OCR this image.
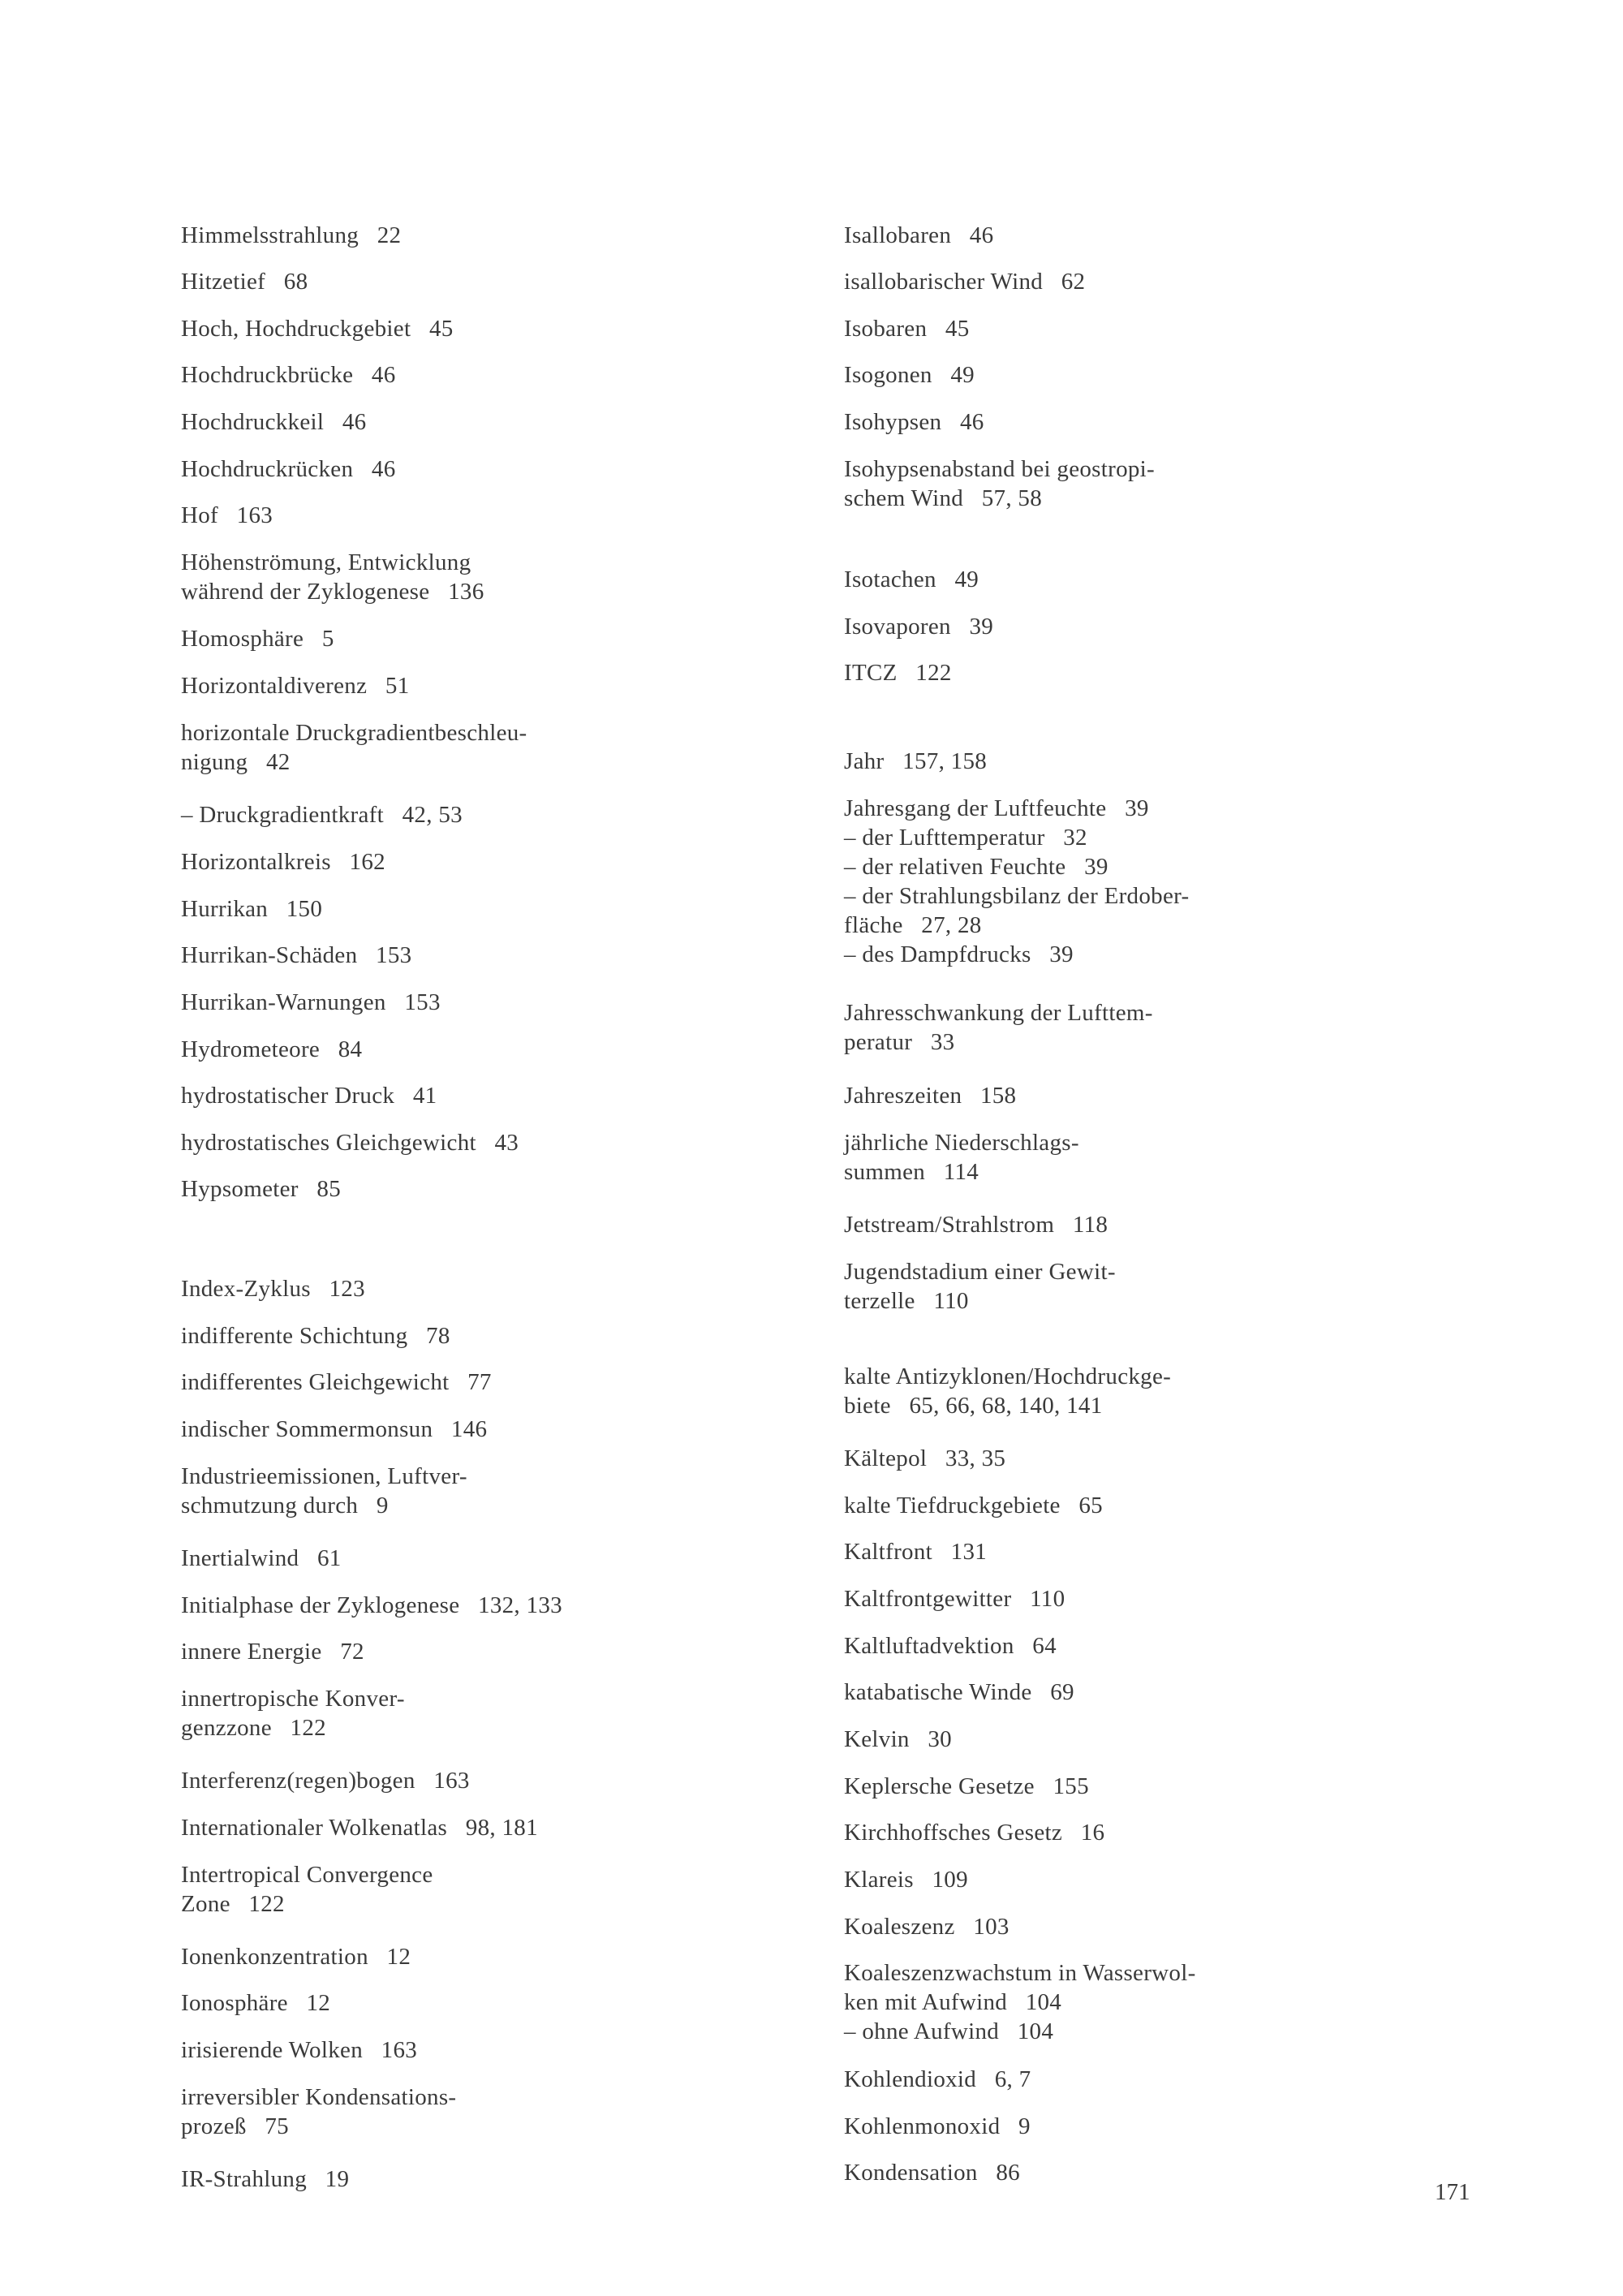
Himmelsstrahlung   22

Hitzetief   68

Hoch, Hochdruckgebiet   45

Hochdruckbrücke   46

Hochdruckkeil   46

Hochdruckrücken   46

Hof   163

Höhenströmung, Entwicklung
während der Zyklogenese   136

Homosphäre   5

Horizontaldiverenz   51

horizontale Druckgradientbeschleu-
nigung   42

– Druckgradientkraft   42, 53

Horizontalkreis   162

Hurrikan   150

Hurrikan-Schäden   153

Hurrikan-Warnungen   153

Hydrometeore   84

hydrostatischer Druck   41

hydrostatisches Gleichgewicht   43

Hypsometer   85

Index-Zyklus   123

indifferente Schichtung   78

indifferentes Gleichgewicht   77

indischer Sommermonsun   146

Industrieemissionen, Luftver-
schmutzung durch   9

Inertialwind   61

Initialphase der Zyklogenese   132, 133

innere Energie   72

innertropische Konver-
genzzone   122

Interferenz(regen)bogen   163

Internationaler Wolkenatlas   98, 181

Intertropical Convergence
Zone   122

Ionenkonzentration   12

Ionosphäre   12

irisierende Wolken   163

irreversibler Kondensations-
prozeß   75

IR-Strahlung   19

Isallobaren   46

isallobarischer Wind   62

Isobaren   45

Isogonen   49

Isohypsen   46

Isohypsenabstand bei geostropi-
schem Wind   57, 58

Isotachen   49

Isovaporen   39

ITCZ   122

Jahr   157, 158

Jahresgang der Luftfeuchte   39
– der Lufttemperatur   32
– der relativen Feuchte   39
– der Strahlungsbilanz der Erdober-
fläche   27, 28
– des Dampfdrucks   39

Jahresschwankung der Lufttem-
peratur   33

Jahreszeiten   158

jährliche Niederschlags-
summen   114

Jetstream/Strahlstrom   118

Jugendstadium einer Gewit-
terzelle   110

kalte Antizyklonen/Hochdruckge-
biete   65, 66, 68, 140, 141

Kältepol   33, 35

kalte Tiefdruckgebiete   65

Kaltfront   131

Kaltfrontgewitter   110

Kaltluftadvektion   64

katabatische Winde   69

Kelvin   30

Keplersche Gesetze   155

Kirchhoffsches Gesetz   16

Klareis   109

Koaleszenz   103

Koaleszenzwachstum in Wasserwol-
ken mit Aufwind   104
– ohne Aufwind   104

Kohlendioxid   6, 7

Kohlenmonoxid   9

Kondensation   86

171
